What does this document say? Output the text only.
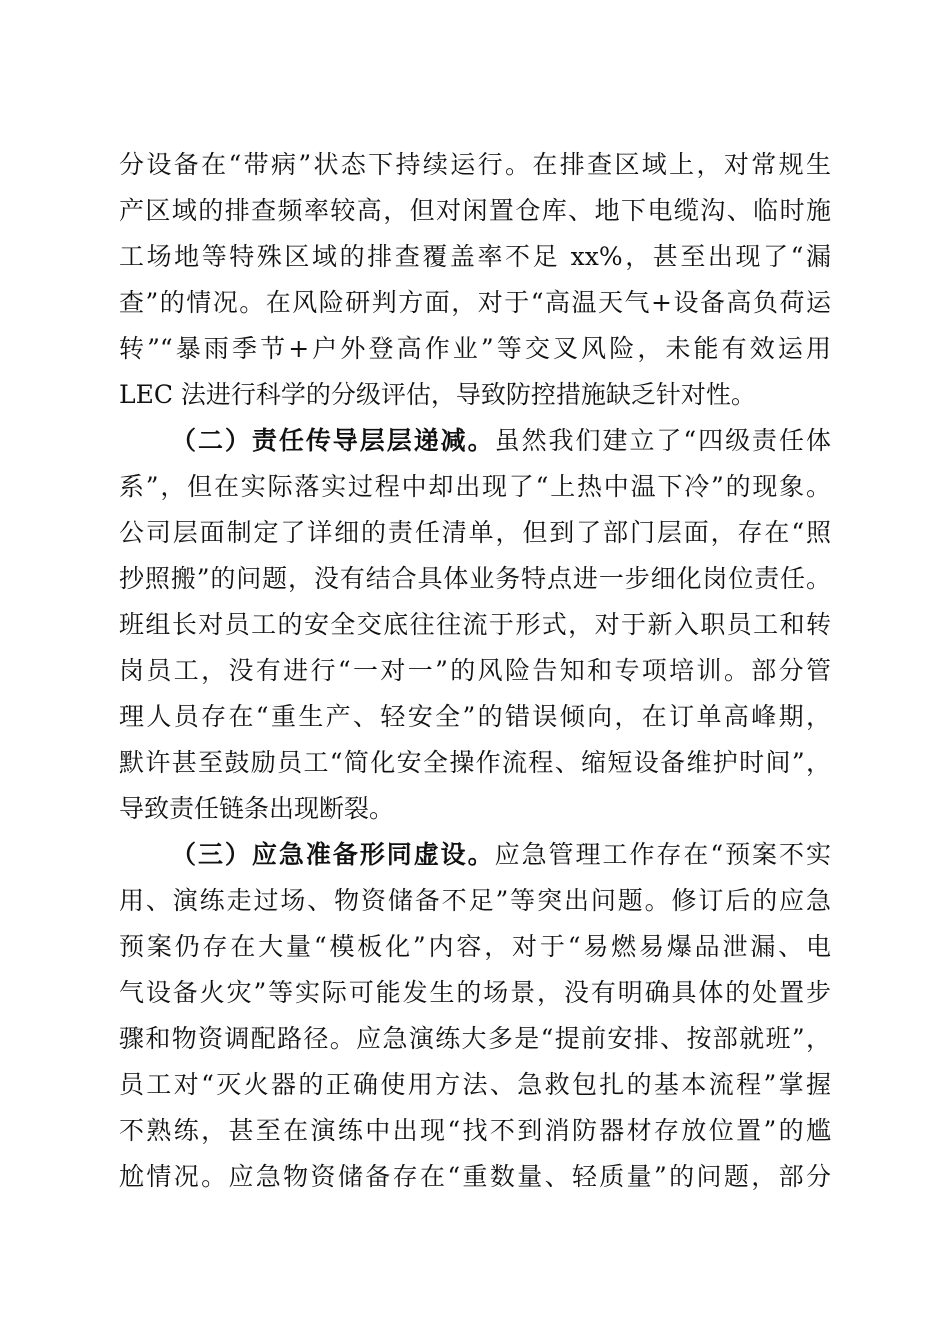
分设备在“带病”状态下持续运行。在排查区域上，对常规生
产区域的排查频率较高，但对闲置仓库、地下电缆沟、临时施
工场地等特殊区域的排查覆盖率不足 xx%，甚至出现了“漏
查”的情况。在风险研判方面，对于“高温天气+设备高负荷运
转”“暴雨季节+户外登高作业”等交叉风险，未能有效运用
LEC 法进行科学的分级评估，导致防控措施缺乏针对性。
（二）责任传导层层递减。虽然我们建立了“四级责任体
系”，但在实际落实过程中却出现了“上热中温下冷”的现象。
公司层面制定了详细的责任清单，但到了部门层面，存在“照
抄照搬”的问题，没有结合具体业务特点进一步细化岗位责任。
班组长对员工的安全交底往往流于形式，对于新入职员工和转
岗员工，没有进行“一对一”的风险告知和专项培训。部分管
理人员存在“重生产、轻安全”的错误倾向，在订单高峰期，
默许甚至鼓励员工“简化安全操作流程、缩短设备维护时间”，
导致责任链条出现断裂。
（三）应急准备形同虚设。应急管理工作存在“预案不实
用、演练走过场、物资储备不足”等突出问题。修订后的应急
预案仍存在大量“模板化”内容，对于“易燃易爆品泄漏、电
气设备火灾”等实际可能发生的场景，没有明确具体的处置步
骤和物资调配路径。应急演练大多是“提前安排、按部就班”，
员工对“灭火器的正确使用方法、急救包扎的基本流程”掌握
不熟练，甚至在演练中出现“找不到消防器材存放位置”的尴
尬情况。应急物资储备存在“重数量、轻质量”的问题，部分
